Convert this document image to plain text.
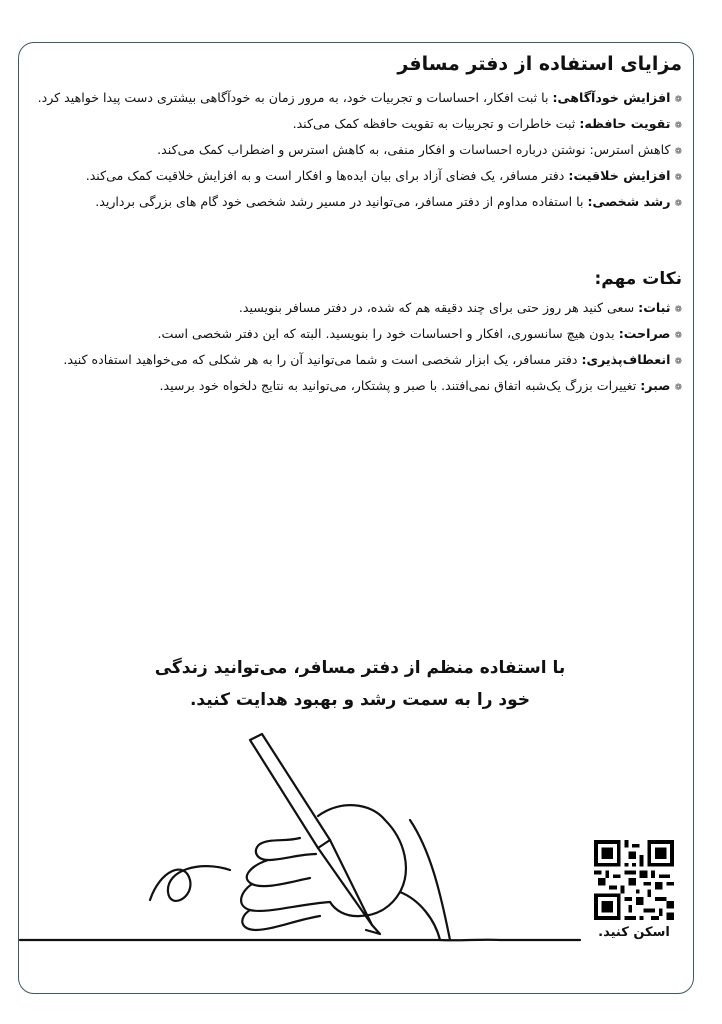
مزایای استفاده از دفتر مسافر

❁افزایش خودآگاهی: با ثبت افکار، احساسات و تجربیات خود، به مرور زمان به خودآگاهی بیشتری دست پیدا خواهید کرد.

❁تقویت حافظه: ثبت خاطرات و تجربیات به تقویت حافظه کمک می‌کند.

❁کاهش استرس: نوشتن درباره احساسات و افکار منفی، به کاهش استرس و اضطراب کمک می‌کند.

❁افزایش خلاقیت: دفتر مسافر، یک فضای آزاد برای بیان ایده‌ها و افکار است و به افزایش خلاقیت کمک می‌کند.

❁رشد شخصی: با استفاده مداوم از دفتر مسافر، می‌توانید در مسیر رشد شخصی خود گام های بزرگی بردارید.

نکات مهم:

❁ثبات: سعی کنید هر روز حتی برای چند دقیقه هم که شده، در دفتر مسافر بنویسید.

❁صراحت: بدون هیچ سانسوری، افکار و احساسات خود را بنویسید. البته که این دفتر شخصی است.

❁انعطاف‌پذیری: دفتر مسافر، یک ابزار شخصی است و شما می‌توانید آن را به هر شکلی که می‌خواهید استفاده کنید.

❁صبر: تغییرات بزرگ یک‌شبه اتفاق نمی‌افتند. با صبر و پشتکار، می‌توانید به نتایج دلخواه خود برسید.

با استفاده منظم از دفتر مسافر، می‌توانید زندگی
خود را به سمت رشد و بهبود هدایت کنید.
اسکن کنید.
